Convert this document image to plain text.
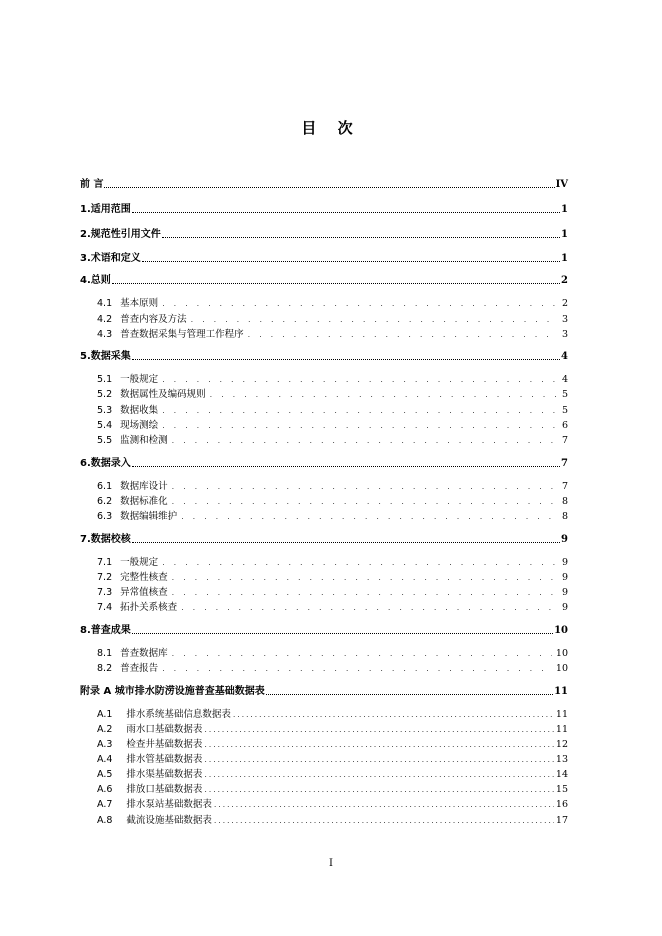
目 次
前 言	IV
1.适用范围	1
2.规范性引用文件	1
3.术语和定义	1
4.总则	2
4.1 基本原则 . . .	2
4.2 普查内容及方法 . . .	3
4.3 普查数据采集与管理工作程序 . . .	3
5.数据采集	4
5.1 一般规定 . . .	4
5.2 数据属性及编码规则 . . .	5
5.3 数据收集 . . .	5
5.4 现场测绘 . . .	6
5.5 监测和检测 . . .	7
6.数据录入	7
6.1 数据库设计 . . .	7
6.2 数据标准化 . . .	8
6.3 数据编辑维护 . . .	8
7.数据校核	9
7.1 一般规定 . . .	9
7.2 完整性核查 . . .	9
7.3 异常值核查 . . .	9
7.4 拓扑关系核查 . . .	9
8.普查成果	10
8.1 普查数据库 . . .	10
8.2 普查报告 . . .	10
附录 A 城市排水防涝设施普查基础数据表	11
A.1 排水系统基础信息数据表 .....	11
A.2 雨水口基础数据表 .....	11
A.3 检查井基础数据表 .....	12
A.4 排水管基础数据表 .....	13
A.5 排水渠基础数据表 .....	14
A.6 排放口基础数据表 .....	15
A.7 排水泵站基础数据表 .....	16
A.8 截流设施基础数据表 .....	17
I
